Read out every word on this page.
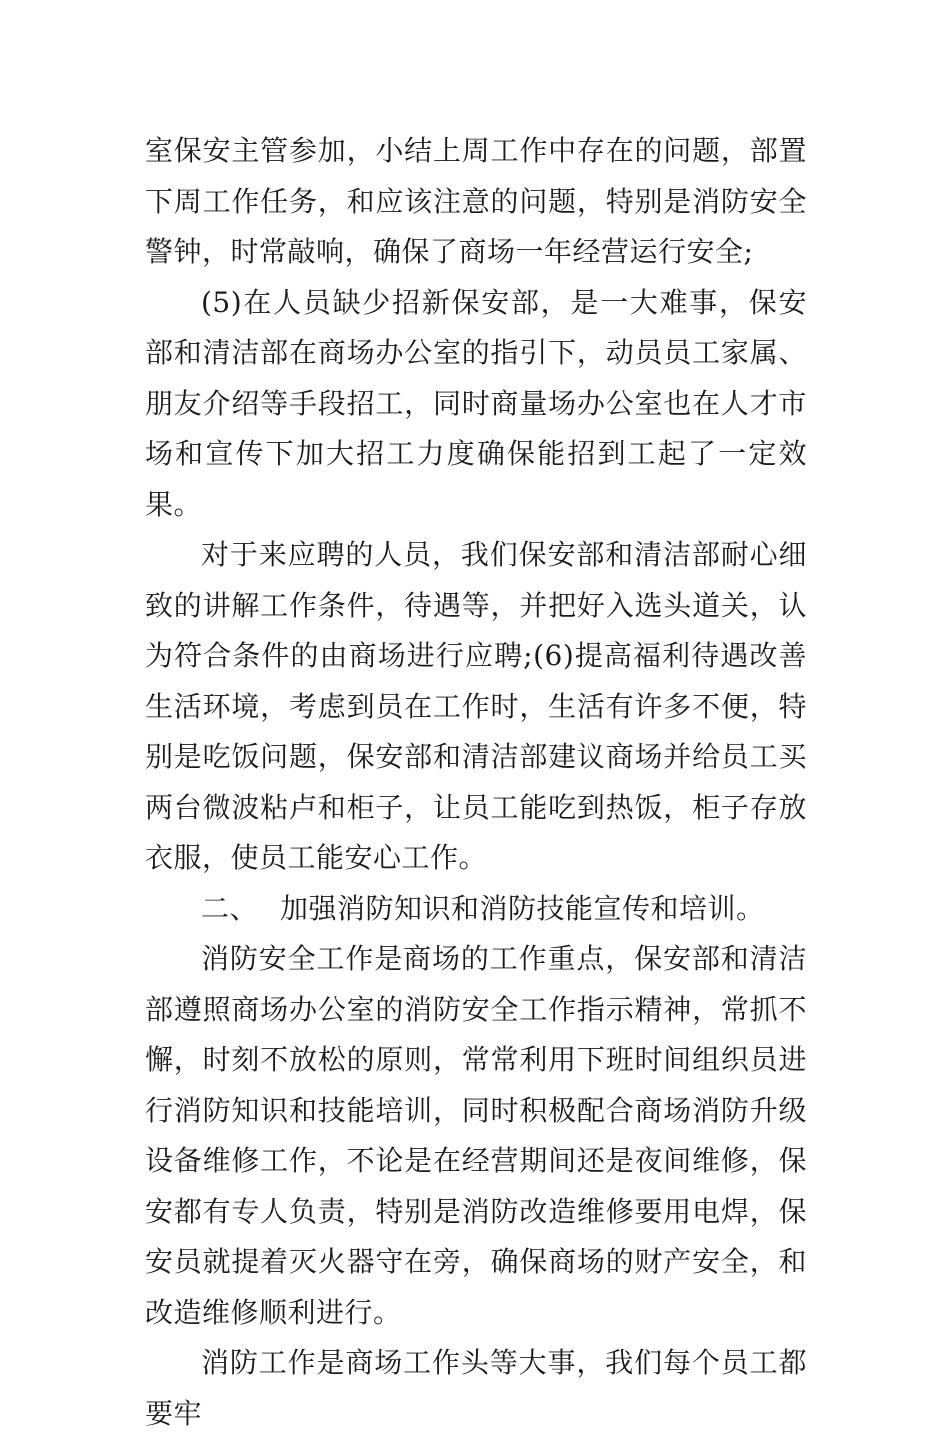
室保安主管参加，小结上周工作中存在的问题，部置下周工作任务，和应该注意的问题，特别是消防安全警钟，时常敲响，确保了商场一年经营运行安全;

(5)在人员缺少招新保安部，是一大难事，保安部和清洁部在商场办公室的指引下，动员员工家属、朋友介绍等手段招工，同时商量场办公室也在人才市场和宣传下加大招工力度确保能招到工起了一定效果。

对于来应聘的人员，我们保安部和清洁部耐心细致的讲解工作条件，待遇等，并把好入选头道关，认为符合条件的由商场进行应聘;(6)提高福利待遇改善生活环境，考虑到员在工作时，生活有许多不便，特别是吃饭问题，保安部和清洁部建议商场并给员工买两台微波粘卢和柜子，让员工能吃到热饭，柜子存放衣服，使员工能安心工作。

二、 加强消防知识和消防技能宣传和培训。

消防安全工作是商场的工作重点，保安部和清洁部遵照商场办公室的消防安全工作指示精神，常抓不懈，时刻不放松的原则，常常利用下班时间组织员进行消防知识和技能培训，同时积极配合商场消防升级设备维修工作，不论是在经营期间还是夜间维修，保安都有专人负责，特别是消防改造维修要用电焊，保安员就提着灭火器守在旁，确保商场的财产安全，和改造维修顺利进行。

消防工作是商场工作头等大事，我们每个员工都要牢
